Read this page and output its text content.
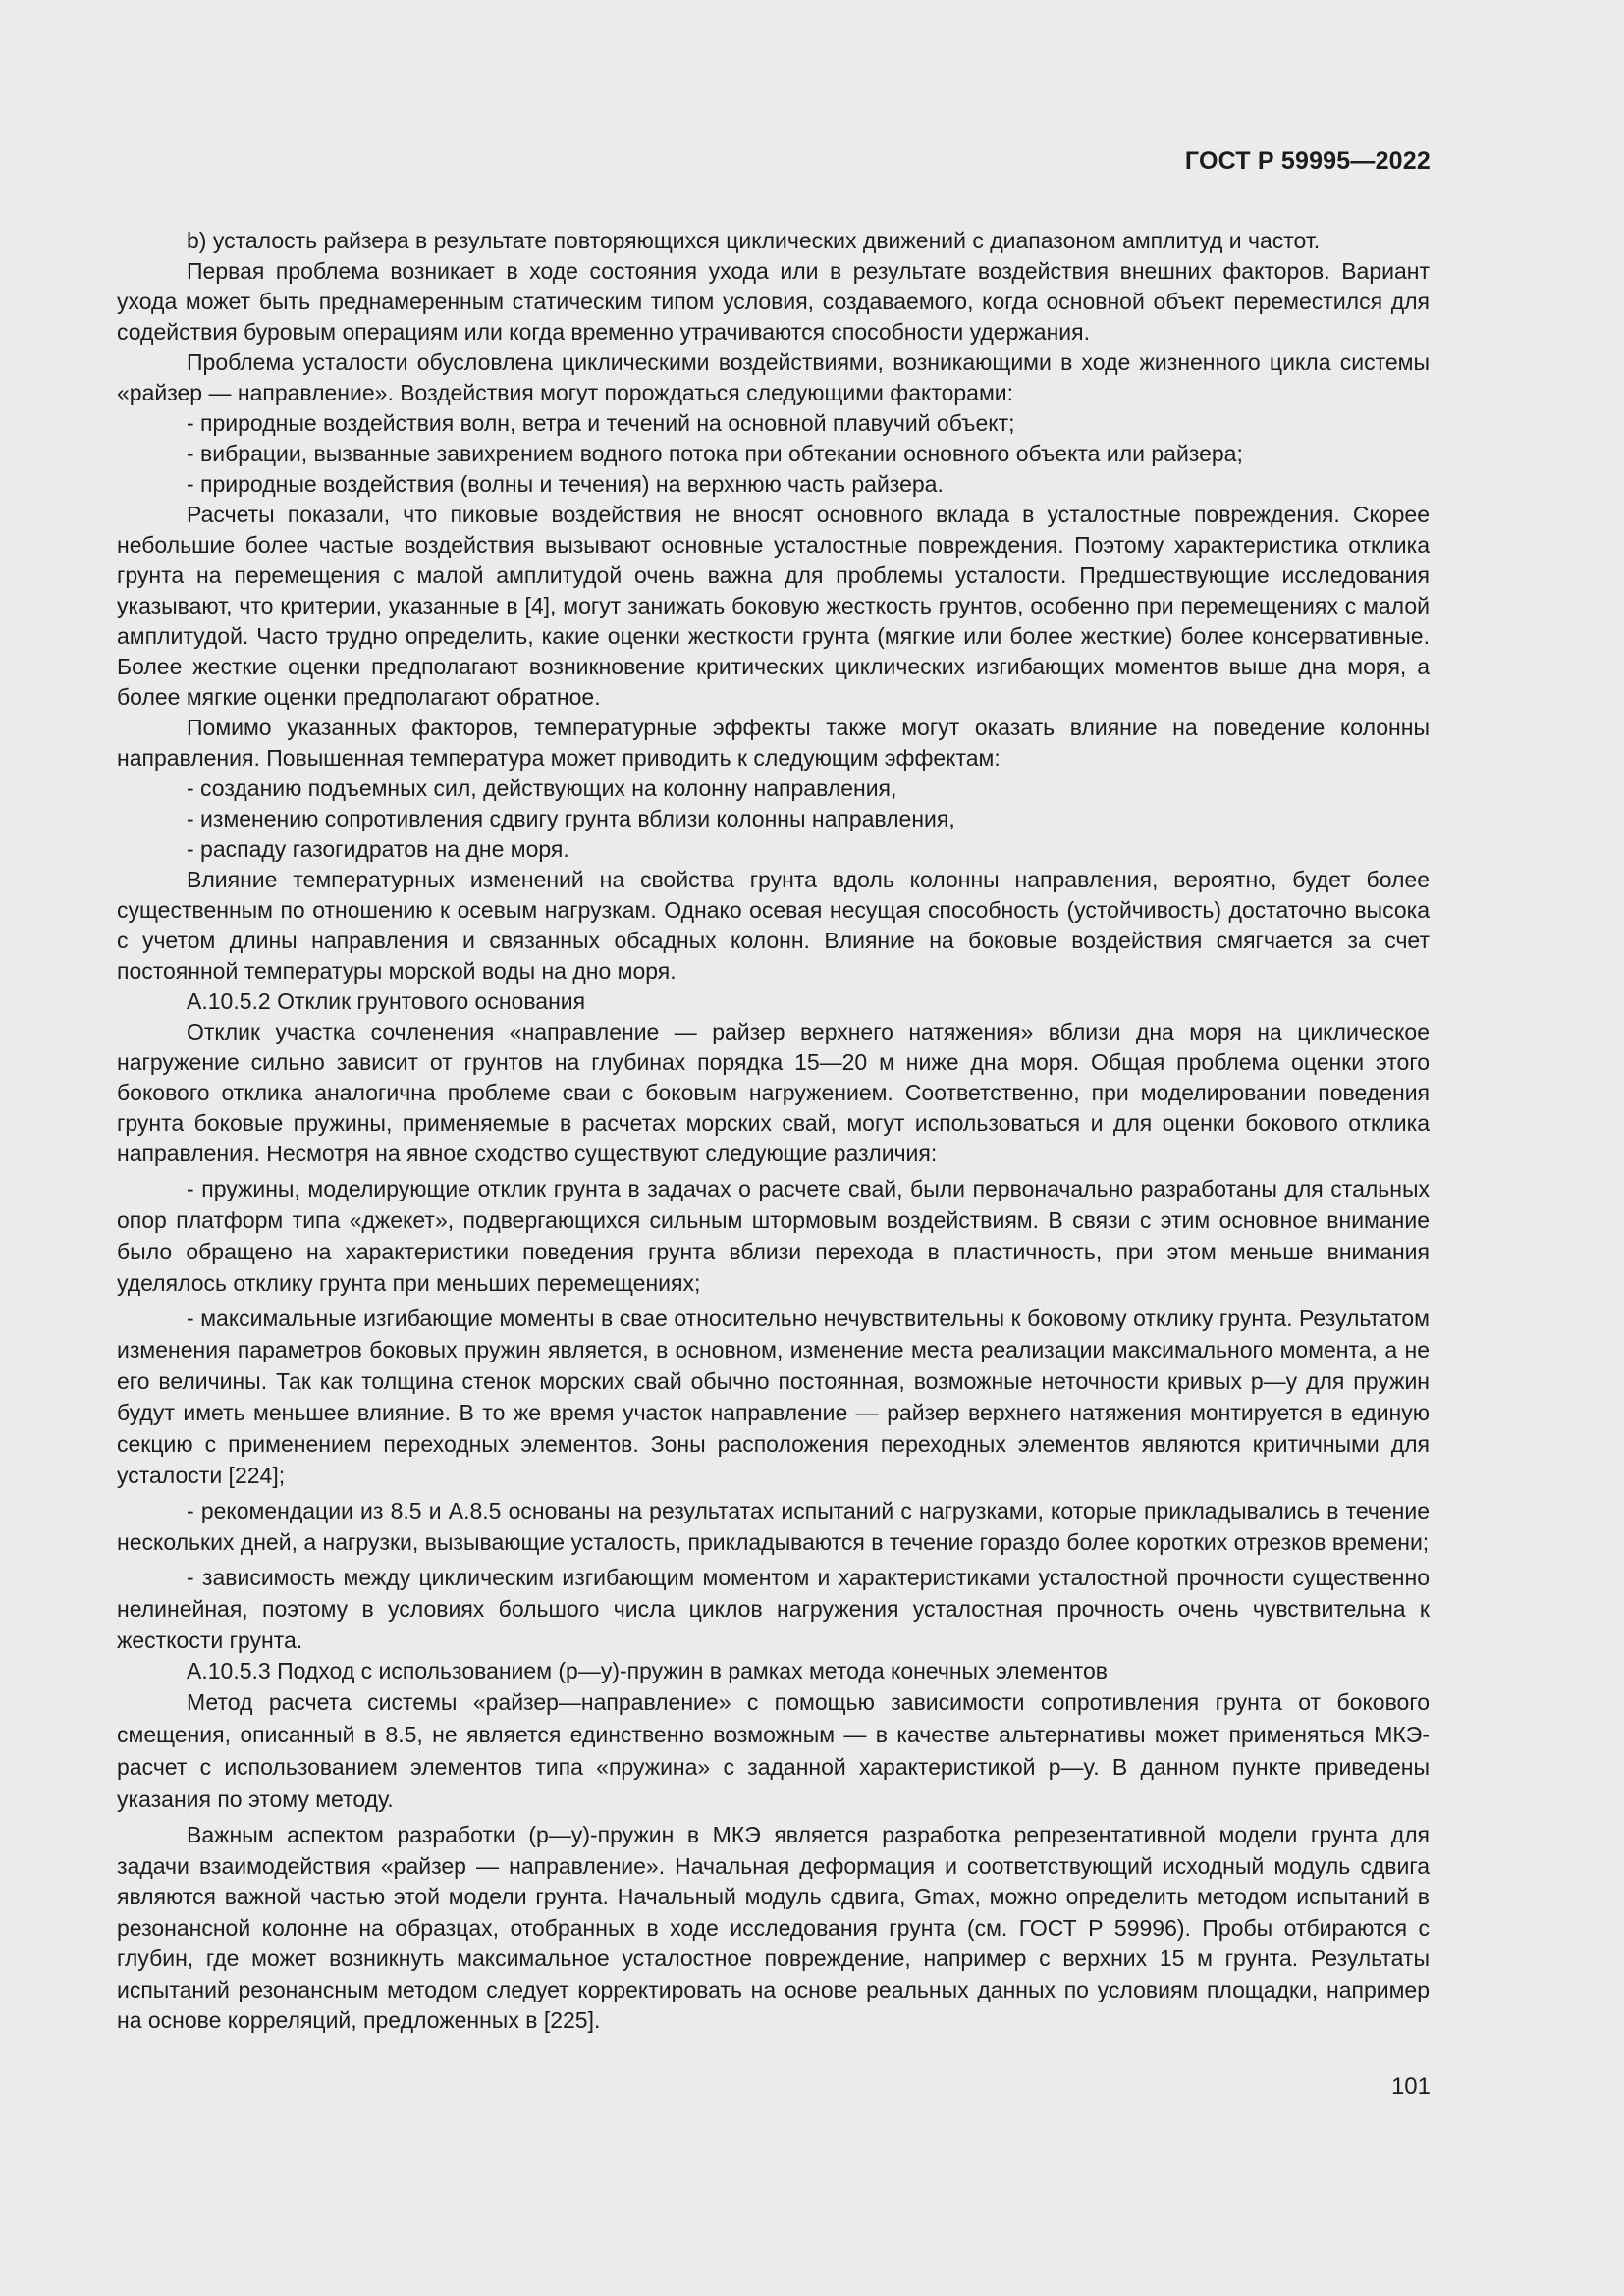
ГОСТ Р 59995—2022

b) усталость райзера в результате повторяющихся циклических движений с диапазоном амплитуд и частот.

Первая проблема возникает в ходе состояния ухода или в результате воздействия внешних факторов. Вариант ухода может быть преднамеренным статическим типом условия, создаваемого, когда основной объект переместился для содействия буровым операциям или когда временно утрачиваются способности удержания.

Проблема усталости обусловлена циклическими воздействиями, возникающими в ходе жизненного цикла системы «райзер — направление». Воздействия могут порождаться следующими факторами:

- природные воздействия волн, ветра и течений на основной плавучий объект;

- вибрации, вызванные завихрением водного потока при обтекании основного объекта или райзера;

- природные воздействия (волны и течения) на верхнюю часть райзера.

Расчеты показали, что пиковые воздействия не вносят основного вклада в усталостные повреждения. Скорее небольшие более частые воздействия вызывают основные усталостные повреждения. Поэтому характеристика отклика грунта на перемещения с малой амплитудой очень важна для проблемы усталости. Предшествующие исследования указывают, что критерии, указанные в [4], могут занижать боковую жесткость грунтов, особенно при перемещениях с малой амплитудой. Часто трудно определить, какие оценки жесткости грунта (мягкие или более жесткие) более консервативные. Более жесткие оценки предполагают возникновение критических циклических изгибающих моментов выше дна моря, а более мягкие оценки предполагают обратное.

Помимо указанных факторов, температурные эффекты также могут оказать влияние на поведение колонны направления. Повышенная температура может приводить к следующим эффектам:

- созданию подъемных сил, действующих на колонну направления,

- изменению сопротивления сдвигу грунта вблизи колонны направления,

- распаду газогидратов на дне моря.

Влияние температурных изменений на свойства грунта вдоль колонны направления, вероятно, будет более существенным по отношению к осевым нагрузкам. Однако осевая несущая способность (устойчивость) достаточно высока с учетом длины направления и связанных обсадных колонн. Влияние на боковые воздействия смягчается за счет постоянной температуры морской воды на дно моря.

А.10.5.2 Отклик грунтового основания

Отклик участка сочленения «направление — райзер верхнего натяжения» вблизи дна моря на циклическое нагружение сильно зависит от грунтов на глубинах порядка 15—20 м ниже дна моря. Общая проблема оценки этого бокового отклика аналогична проблеме сваи с боковым нагружением. Соответственно, при моделировании поведения грунта боковые пружины, применяемые в расчетах морских свай, могут использоваться и для оценки бокового отклика направления. Несмотря на явное сходство существуют следующие различия:

- пружины, моделирующие отклик грунта в задачах о расчете свай, были первоначально разработаны для стальных опор платформ типа «джекет», подвергающихся сильным штормовым воздействиям. В связи с этим основное внимание было обращено на характеристики поведения грунта вблизи перехода в пластичность, при этом меньше внимания уделялось отклику грунта при меньших перемещениях;

- максимальные изгибающие моменты в свае относительно нечувствительны к боковому отклику грунта. Результатом изменения параметров боковых пружин является, в основном, изменение места реализации максимального момента, а не его величины. Так как толщина стенок морских свай обычно постоянная, возможные неточности кривых p—y для пружин будут иметь меньшее влияние. В то же время участок направление — райзер верхнего натяжения монтируется в единую секцию с применением переходных элементов. Зоны расположения переходных элементов являются критичными для усталости [224];

- рекомендации из 8.5 и А.8.5 основаны на результатах испытаний с нагрузками, которые прикладывались в течение нескольких дней, а нагрузки, вызывающие усталость, прикладываются в течение гораздо более коротких отрезков времени;

- зависимость между циклическим изгибающим моментом и характеристиками усталостной прочности существенно нелинейная, поэтому в условиях большого числа циклов нагружения усталостная прочность очень чувствительна к жесткости грунта.

А.10.5.3 Подход с использованием (p—y)-пружин в рамках метода конечных элементов

Метод расчета системы «райзер—направление» с помощью зависимости сопротивления грунта от бокового смещения, описанный в 8.5, не является единственно возможным — в качестве альтернативы может применяться МКЭ-расчет с использованием элементов типа «пружина» с заданной характеристикой p—y. В данном пункте приведены указания по этому методу.

Важным аспектом разработки (p—y)-пружин в МКЭ является разработка репрезентативной модели грунта для задачи взаимодействия «райзер — направление». Начальная деформация и соответствующий исходный модуль сдвига являются важной частью этой модели грунта. Начальный модуль сдвига, Gmax, можно определить методом испытаний в резонансной колонне на образцах, отобранных в ходе исследования грунта (см. ГОСТ Р 59996). Пробы отбираются с глубин, где может возникнуть максимальное усталостное повреждение, например с верхних 15 м грунта. Результаты испытаний резонансным методом следует корректировать на основе реальных данных по условиям площадки, например на основе корреляций, предложенных в [225].

101
